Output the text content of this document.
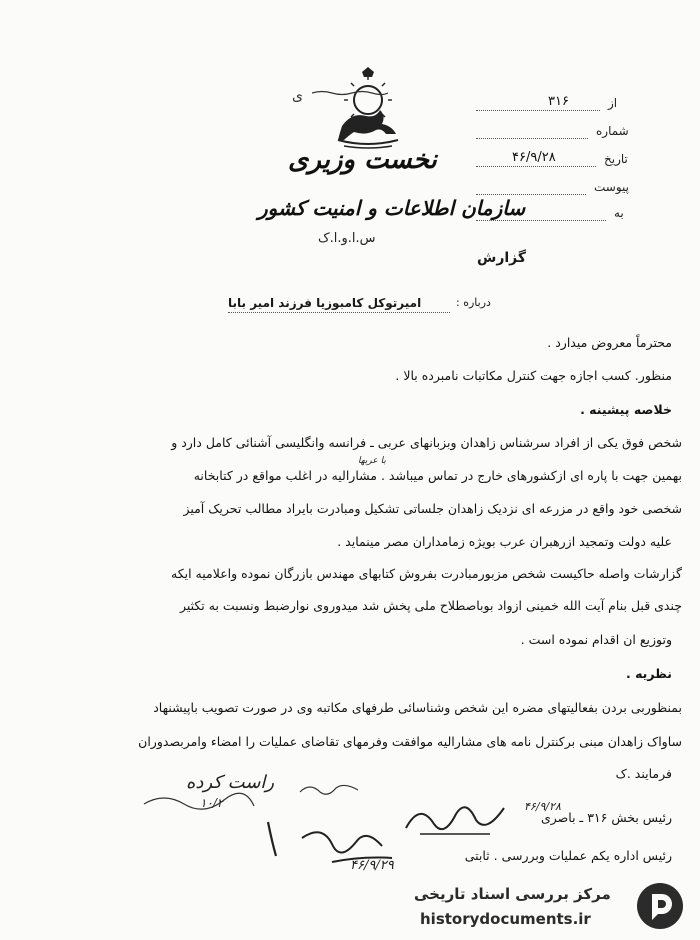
ی
نخست وزیری
سازمان اطلاعات و امنیت کشور
س.ا.و.ا.ک
از
۳۱۶
شماره
تاریخ
۴۶/۹/۲۸
پیوست
به
گزارش
درباره :
امیرتوکل کامبوزیا فرزند امیر بابا
محترماً معروض میدارد .
منظور. کسب اجازه جهت کنترل مکاتبات نامبرده بالا .
خلاصه پیشینه .
شخص فوق یکی از افراد سرشناس زاهدان وبزبانهای عربی ـ فرانسه وانگلیسی آشنائی کامل دارد و
با عربها
بهمین جهت با پاره ای ازکشورهای خارج در تماس میباشد . مشارالیه در اغلب مواقع در کتابخانه
شخصی خود واقع در مزرعه ای نزدیک زاهدان جلساتی تشکیل ومبادرت بایراد مطالب تحریک آمیز
علیه دولت وتمجید ازرهبران عرب بویژه زمامداران مصر مینماید .
گزارشات واصله حاکیست شخص مزبورمبادرت بفروش کتابهای مهندس بازرگان نموده واعلامیه ایکه
چندی قبل بنام آیت الله خمینی ازواد بوباصطلاح ملی پخش شد میدوروی نوارضبط ونسبت به تکثیر
وتوزیع ان اقدام نموده است .
نظریه .
بمنظوربی بردن بفعالیتهای مضره این شخص وشناسائی طرفهای مکاتبه وی در صورت تصویب باپیشنهاد
ساواک زاهدان مبنی برکنترل نامه های مشارالیه موافقت وفرمهای تقاضای عملیات را امضاء وامربصدوران
فرمایند .ک
راست کرده
۱۰/۲
رئیس بخش ۳۱۶ ـ باصری
۴۶/۹/۲۸
رئیس اداره یکم عملیات وبررسی . ثابتی
۴۶/۹/۲۹
مرکز بررسی اسناد تاریخی
historydocuments.ir
